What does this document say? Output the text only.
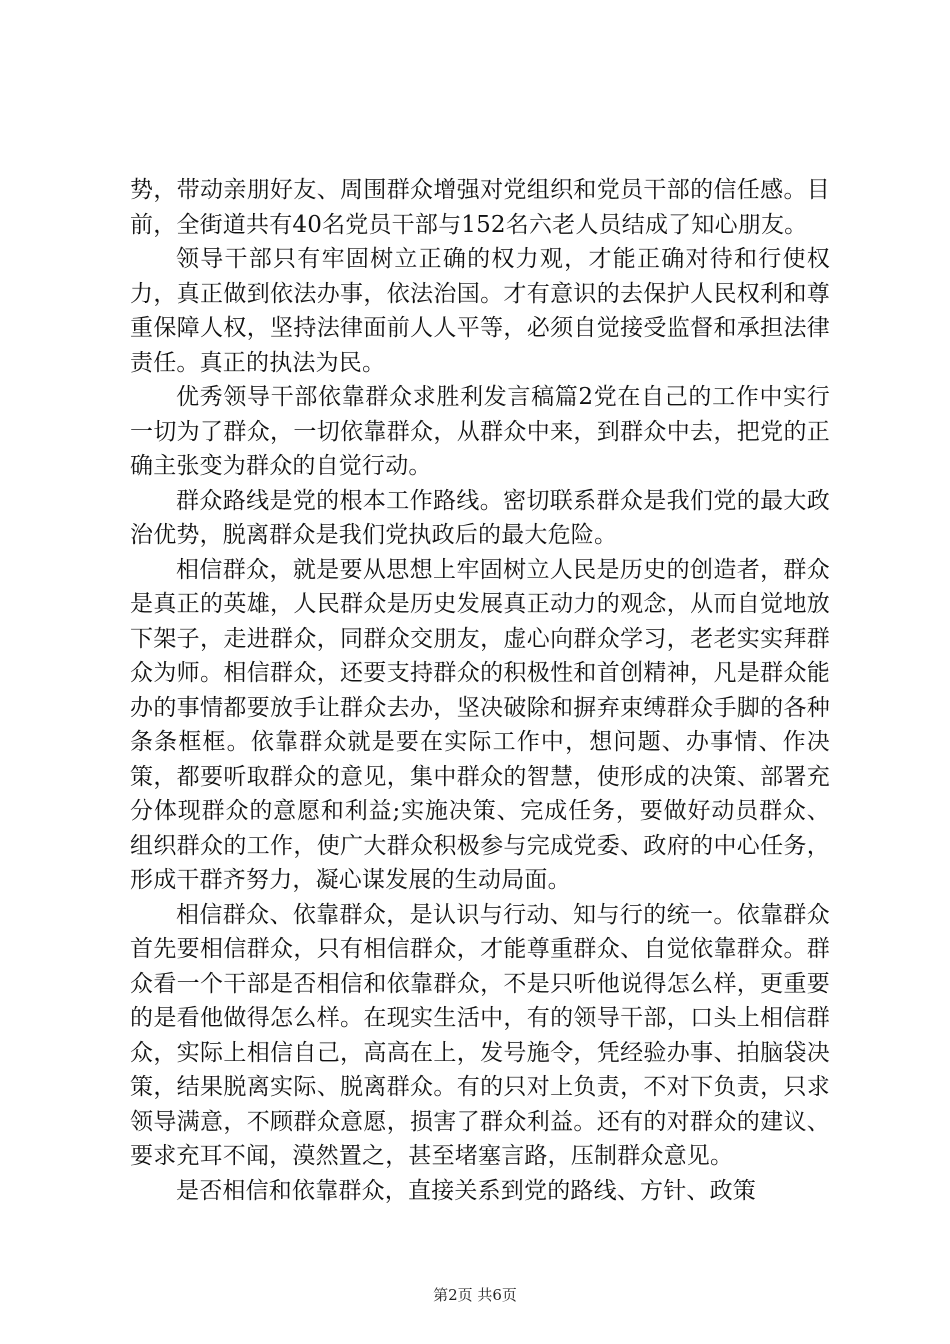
势，带动亲朋好友、周围群众增强对党组织和党员干部的信任感。目前，全街道共有40名党员干部与152名六老人员结成了知心朋友。

领导干部只有牢固树立正确的权力观，才能正确对待和行使权力，真正做到依法办事，依法治国。才有意识的去保护人民权利和尊重保障人权，坚持法律面前人人平等，必须自觉接受监督和承担法律责任。真正的执法为民。

优秀领导干部依靠群众求胜利发言稿篇2党在自己的工作中实行一切为了群众，一切依靠群众，从群众中来，到群众中去，把党的正确主张变为群众的自觉行动。

群众路线是党的根本工作路线。密切联系群众是我们党的最大政治优势，脱离群众是我们党执政后的最大危险。

相信群众，就是要从思想上牢固树立人民是历史的创造者，群众是真正的英雄，人民群众是历史发展真正动力的观念，从而自觉地放下架子，走进群众，同群众交朋友，虚心向群众学习，老老实实拜群众为师。相信群众，还要支持群众的积极性和首创精神，凡是群众能办的事情都要放手让群众去办，坚决破除和摒弃束缚群众手脚的各种条条框框。依靠群众就是要在实际工作中，想问题、办事情、作决策，都要听取群众的意见，集中群众的智慧，使形成的决策、部署充分体现群众的意愿和利益;实施决策、完成任务，要做好动员群众、组织群众的工作，使广大群众积极参与完成党委、政府的中心任务，形成干群齐努力，凝心谋发展的生动局面。

相信群众、依靠群众，是认识与行动、知与行的统一。依靠群众首先要相信群众，只有相信群众，才能尊重群众、自觉依靠群众。群众看一个干部是否相信和依靠群众，不是只听他说得怎么样，更重要的是看他做得怎么样。在现实生活中，有的领导干部，口头上相信群众，实际上相信自己，高高在上，发号施令，凭经验办事、拍脑袋决策，结果脱离实际、脱离群众。有的只对上负责，不对下负责，只求领导满意，不顾群众意愿，损害了群众利益。还有的对群众的建议、要求充耳不闻，漠然置之，甚至堵塞言路，压制群众意见。

是否相信和依靠群众，直接关系到党的路线、方针、政策

第2页 共6页
